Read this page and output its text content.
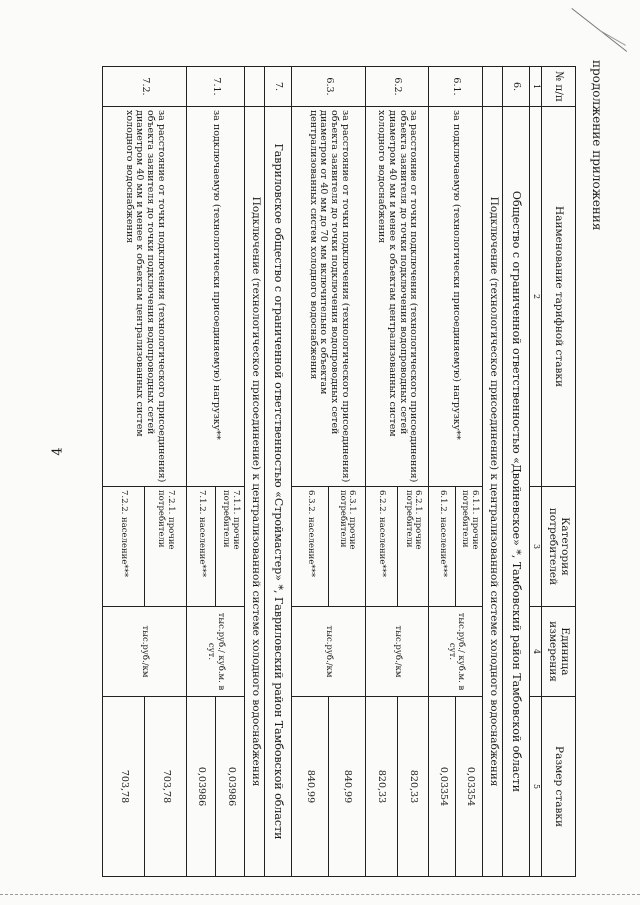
4
продолжение приложения
№ п/п	Наименование тарифной ставки	Категория потребителей	Единица измерения	Размер ставки
1	2	3	4	5
6.	Общество с ограниченной ответственностью «Двойневское» *, Тамбовский район Тамбовской области			
	Подключение (технологическое присоединение) к централизованной системе холодного водоснабжения			
6.1.	за подключаемую (технологически присоединяемую) нагрузку**	6.1.1. прочие потребители	тыс.руб./ куб.м. в сут.	0,03354
		6.1.2. население***		0,03354
6.2.	за расстояние от точки подключения (технологического присоединения) объекта заявителя до точки подключения водопроводных сетей диаметром 40 мм и менее к объектам централизованных систем холодного водоснабжения	6.2.1. прочие потребители	тыс.руб./км	820,33
		6.2.2. население***		820,33
6.3.	за расстояние от точки подключения (технологического присоединения) объекта заявителя до точки подключения водопроводных сетей диаметром от 40 мм до 70 мм включительно к объектам централизованных систем холодного водоснабжения	6.3.1. прочие потребители	тыс.руб./км	840,99
		6.3.2. население***		840,99
7.	Гавриловское общество с ограниченной ответственностью «Строймастер» *, Гавриловский район Тамбовской области			
	Подключение (технологическое присоединение) к централизованной системе холодного водоснабжения			
7.1.	за подключаемую (технологически присоединяемую) нагрузку**	7.1.1. прочие потребители	тыс.руб./ куб.м. в сут.	0,03986
		7.1.2. население***		0,03986
7.2.	за расстояние от точки подключения (технологического присоединения) объекта заявителя до точки подключения водопроводных сетей диаметром 40 мм и менее к объектам централизованных систем холодного водоснабжения	7.2.1. прочие потребители	тыс.руб./км	703,78
		7.2.2. население***		703,78
